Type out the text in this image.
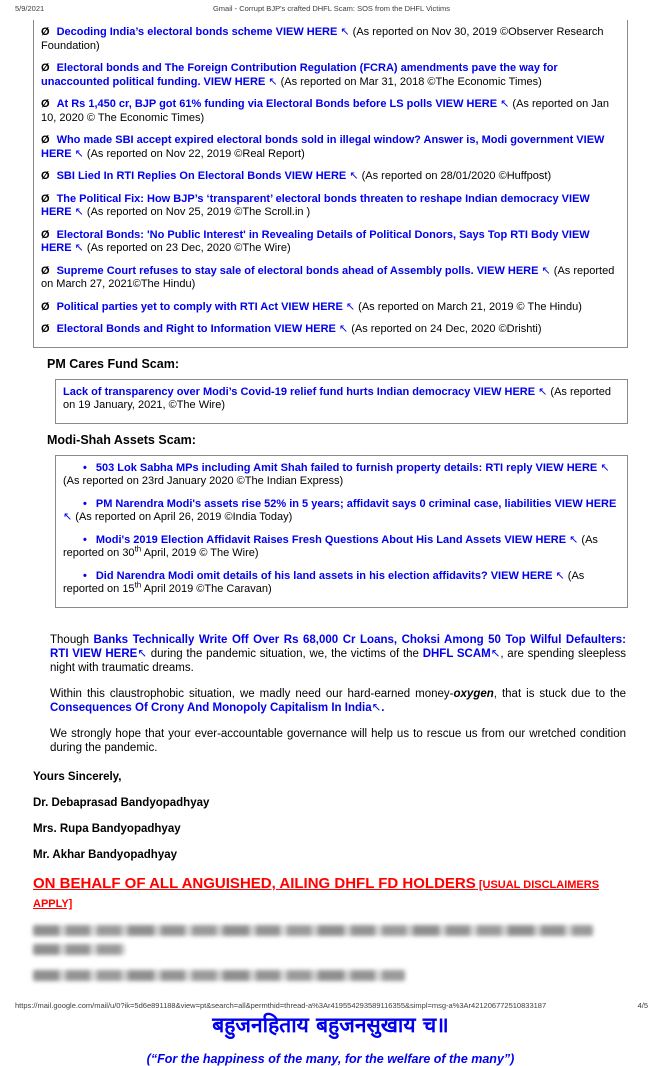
5/9/2021	Gmail - Corrupt BJP's crafted DHFL Scam: SOS from the DHFL Victims
Ø Decoding India’s electoral bonds scheme VIEW HERE ↖ (As reported on Nov 30, 2019 ©Observer Research Foundation)
Ø Electoral bonds and The Foreign Contribution Regulation (FCRA) amendments pave the way for unaccounted political funding. VIEW HERE ↖ (As reported on Mar 31, 2018 ©The Economic Times)
Ø At Rs 1,450 cr, BJP got 61% funding via Electoral Bonds before LS polls VIEW HERE ↖ (As reported on Jan 10, 2020 © The Economic Times)
Ø Who made SBI accept expired electoral bonds sold in illegal window? Answer is, Modi government VIEW HERE ↖ (As reported on Nov 22, 2019 ©Real Report)
Ø SBI Lied In RTI Replies On Electoral Bonds VIEW HERE ↖ (As reported on 28/01/2020 ©Huffpost)
Ø The Political Fix: How BJP’s ‘transparent’ electoral bonds threaten to reshape Indian democracy VIEW HERE ↖ (As reported on Nov 25, 2019 ©The Scroll.in )
Ø Electoral Bonds: 'No Public Interest' in Revealing Details of Political Donors, Says Top RTI Body VIEW HERE ↖ (As reported on 23 Dec, 2020 ©The Wire)
Ø Supreme Court refuses to stay sale of electoral bonds ahead of Assembly polls. VIEW HERE ↖ (As reported on March 27, 2021©The Hindu)
Ø Political parties yet to comply with RTI Act VIEW HERE ↖ (As reported on March 21, 2019 © The Hindu)
Ø Electoral Bonds and Right to Information VIEW HERE ↖ (As reported on 24 Dec, 2020 ©Drishti)
PM Cares Fund Scam:
Lack of transparency over Modi’s Covid-19 relief fund hurts Indian democracy VIEW HERE ↖ (As reported on 19 January, 2021, ©The Wire)
Modi-Shah Assets Scam:
• 503 Lok Sabha MPs including Amit Shah failed to furnish property details: RTI reply VIEW HERE ↖ (As reported on 23rd January 2020 ©The Indian Express)
• PM Narendra Modi's assets rise 52% in 5 years; affidavit says 0 criminal case, liabilities VIEW HERE ↖ (As reported on April 26, 2019 ©India Today)
• Modi's 2019 Election Affidavit Raises Fresh Questions About His Land Assets VIEW HERE ↖ (As reported on 30th April, 2019 © The Wire)
• Did Narendra Modi omit details of his land assets in his election affidavits? VIEW HERE ↖ (As reported on 15th April 2019 ©The Caravan)

Though Banks Technically Write Off Over Rs 68,000 Cr Loans, Choksi Among 50 Top Wilful Defaulters: RTI VIEW HERE↖ during the pandemic situation, we, the victims of the DHFL SCAM↖, are spending sleepless night with traumatic dreams.

Within this claustrophobic situation, we madly need our hard-earned money-oxygen, that is stuck due to the Consequences Of Crony And Monopoly Capitalism In India↖.

We strongly hope that your ever-accountable governance will help us to rescue us from our wretched condition during the pandemic.

Yours Sincerely,
Dr. Debaprasad Bandyopadhyay
Mrs. Rupa Bandyopadhyay
Mr. Akhar Bandyopadhyay
ON BEHALF OF ALL ANGUISHED, AILING DHFL FD HOLDERS [USUAL DISCLAIMERS APPLY]
बहुजनहिताय बहुजनसुखाय च॥
(“For the happiness of the many, for the welfare of the many”)
https://mail.google.com/mail/u/0?ik=5d6e891188&view=pt&search=all&permthid=thread-a%3Ar419554293589116355&simpl=msg-a%3Ar421206772510833187	4/5
